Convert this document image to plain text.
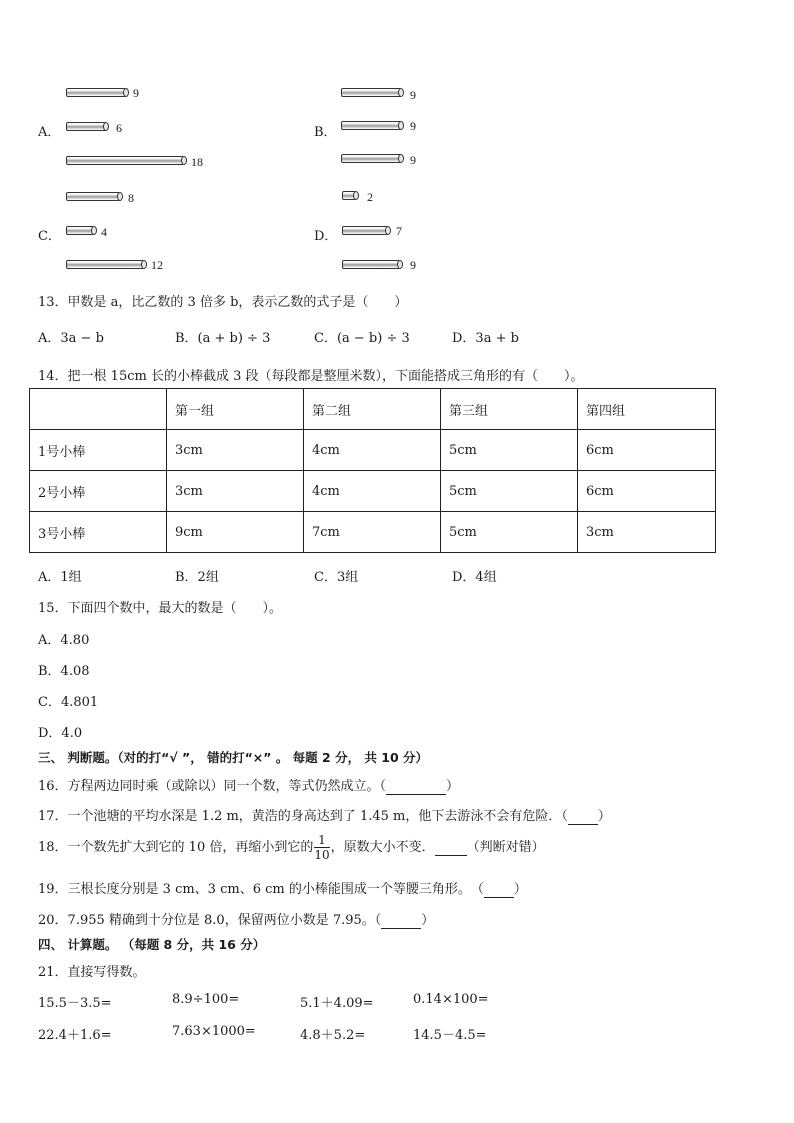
9
A．	6
18
9
B．	9
9
8
C．	4
12
2
D．	7
9
13．甲数是 a，比乙数的 3 倍多 b，表示乙数的式子是（　　）
A．3a − b	B．(a + b) ÷ 3	C．(a − b) ÷ 3	D．3a + b
14．把一根 15cm 长的小棒截成 3 段（每段都是整厘米数），下面能搭成三角形的有（　　）。
	第一组	第二组	第三组	第四组
1号小棒	3cm	4cm	5cm	6cm
2号小棒	3cm	4cm	5cm	6cm
3号小棒	9cm	7cm	5cm	3cm
A．1组	B．2组	C．3组	D．4组
15．下面四个数中，最大的数是（　　）。
A．4.80
B．4.08
C．4.801
D．4.0
三、 判断题。（对的打“√ ”， 错的打“×” 。 每题 2 分， 共 10 分）
16．方程两边同时乘（或除以）同一个数，等式仍然成立。（	）
17．一个池塘的平均水深是 1.2 m，黄浩的身高达到了 1.45 m，他下去游泳不会有危险．（ ）
18．一个数先扩大到它的 10 倍，再缩小到它的 $\frac{1}{10}$ ，原数大小不变． （判断对错）
19．三根长度分别是 3 cm、3 cm、6 cm 的小棒能围成一个等腰三角形。　（ ）
20．7.955 精确到十分位是 8.0，保留两位小数是 7.95。（	）
四、 计算题。 （每题 8 分，共 16 分）
21．直接写得数。
15.5－3.5=	8.9÷100=	5.1＋4.09=	0.14×100=
22.4＋1.6=	7.63×1000=	4.8＋5.2=	14.5－4.5=
